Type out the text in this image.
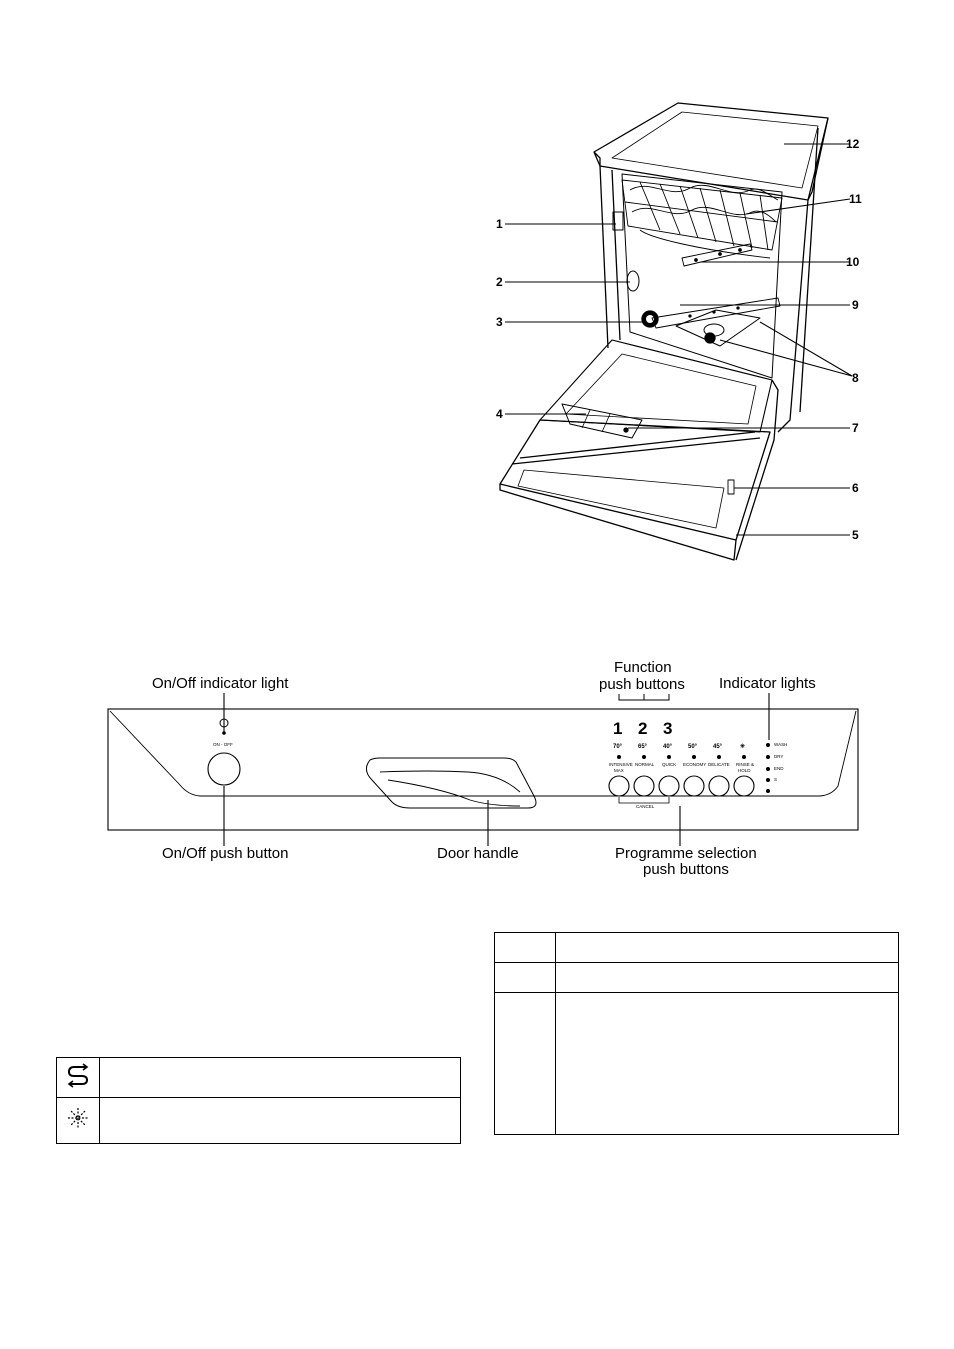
1
2
3
4
5
6
7
8
9
10
11
12
On/Off indicator light
Function
push buttons Indicator lights
On/Off push button	Door handle	Programme selection
push buttons
ON - OFF
1 2 3
70°	65°	40°	50°	45°	✳
INTENSIVE
MAX
NORMAL QUICK ECONOMY DELICATE RINSE &
HOLD
CANCEL
WASH
DRY
END
S
